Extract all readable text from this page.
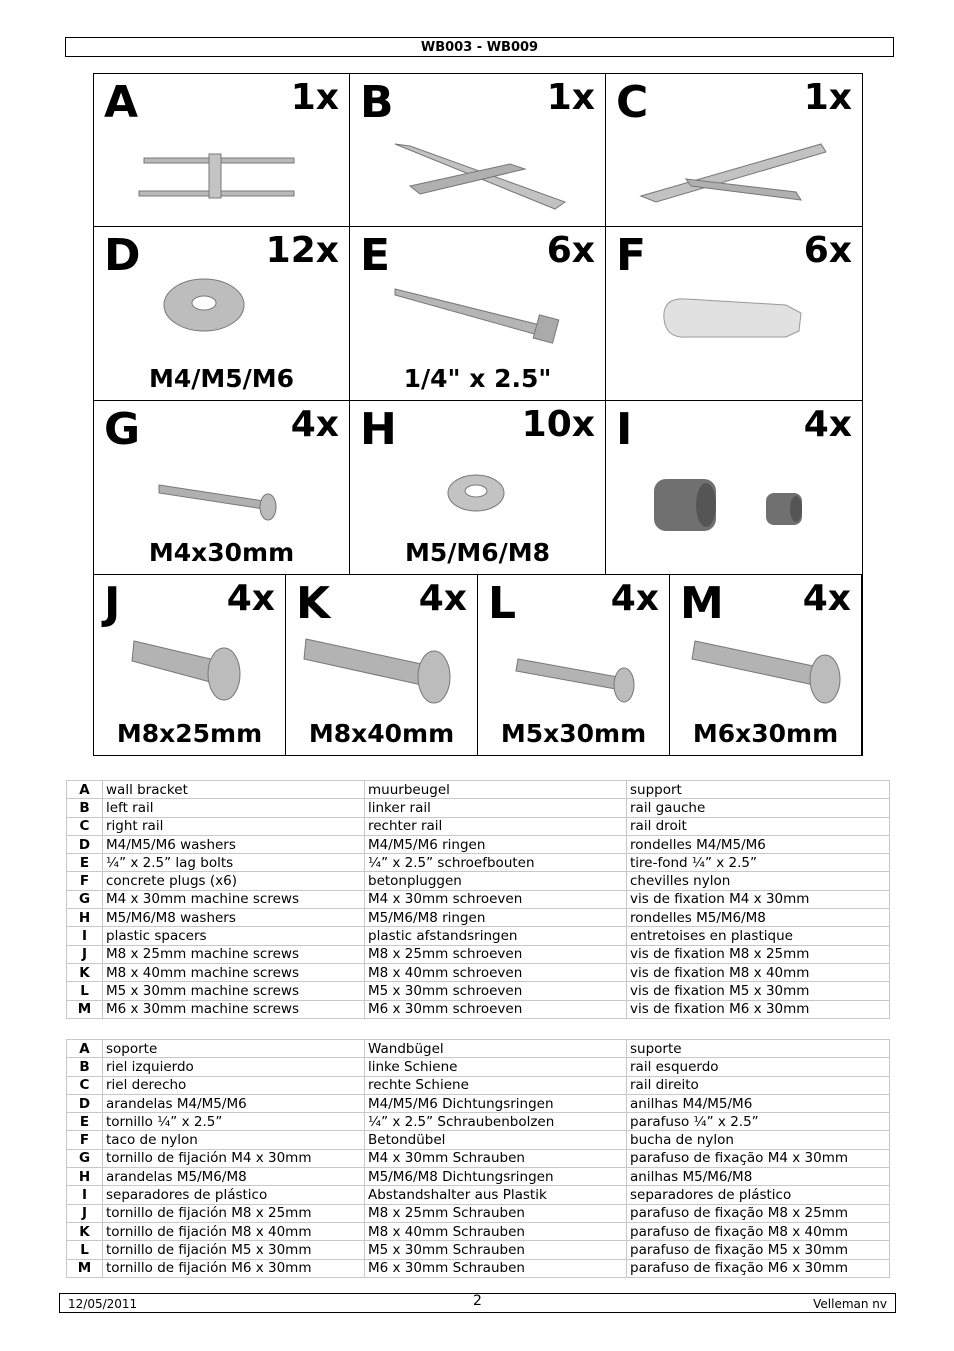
WB003 - WB009
A	1x B	1x C	1x
D	12x
M4/M5/M6
E	6x
1/4" x 2.5"
F	6x
G	4x
M4x30mm
H	10x
M5/M6/M8
I	4x
J	4x
M8x25mm
K 4x
M8x40mm
L	4x
M5x30mm
M 4x
M6x30mm
A	wall bracket	muurbeugel	support
B	left rail	linker rail	rail gauche
C	right rail	rechter rail	rail droit
D	M4/M5/M6 washers	M4/M5/M6 ringen	rondelles M4/M5/M6
E	¼” x 2.5” lag bolts	¼” x 2.5” schroefbouten	tire-fond ¼” x 2.5”
F	concrete plugs (x6)	betonpluggen	chevilles nylon
G	M4 x 30mm machine screws	M4 x 30mm schroeven	vis de fixation M4 x 30mm
H	M5/M6/M8 washers	M5/M6/M8 ringen	rondelles M5/M6/M8
I	plastic spacers	plastic afstandsringen	entretoises en plastique
J	M8 x 25mm machine screws	M8 x 25mm schroeven	vis de fixation M8 x 25mm
K	M8 x 40mm machine screws	M8 x 40mm schroeven	vis de fixation M8 x 40mm
L	M5 x 30mm machine screws	M5 x 30mm schroeven	vis de fixation M5 x 30mm
M	M6 x 30mm machine screws	M6 x 30mm schroeven	vis de fixation M6 x 30mm
A	soporte	Wandbügel	suporte
B	riel izquierdo	linke Schiene	rail esquerdo
C	riel derecho	rechte Schiene	rail direito
D	arandelas M4/M5/M6	M4/M5/M6 Dichtungsringen	anilhas M4/M5/M6
E	tornillo ¼” x 2.5”	¼” x 2.5” Schraubenbolzen	parafuso ¼” x 2.5”
F	taco de nylon	Betondübel	bucha de nylon
G	tornillo de fijación M4 x 30mm	M4 x 30mm Schrauben	parafuso de fixação M4 x 30mm
H	arandelas M5/M6/M8	M5/M6/M8 Dichtungsringen	anilhas M5/M6/M8
I	separadores de plástico	Abstandshalter aus Plastik	separadores de plástico
J	tornillo de fijación M8 x 25mm	M8 x 25mm Schrauben	parafuso de fixação M8 x 25mm
K	tornillo de fijación M8 x 40mm	M8 x 40mm Schrauben	parafuso de fixação M8 x 40mm
L	tornillo de fijación M5 x 30mm	M5 x 30mm Schrauben	parafuso de fixação M5 x 30mm
M	tornillo de fijación M6 x 30mm	M6 x 30mm Schrauben	parafuso de fixação M6 x 30mm
12/05/2011	2	Velleman nv
